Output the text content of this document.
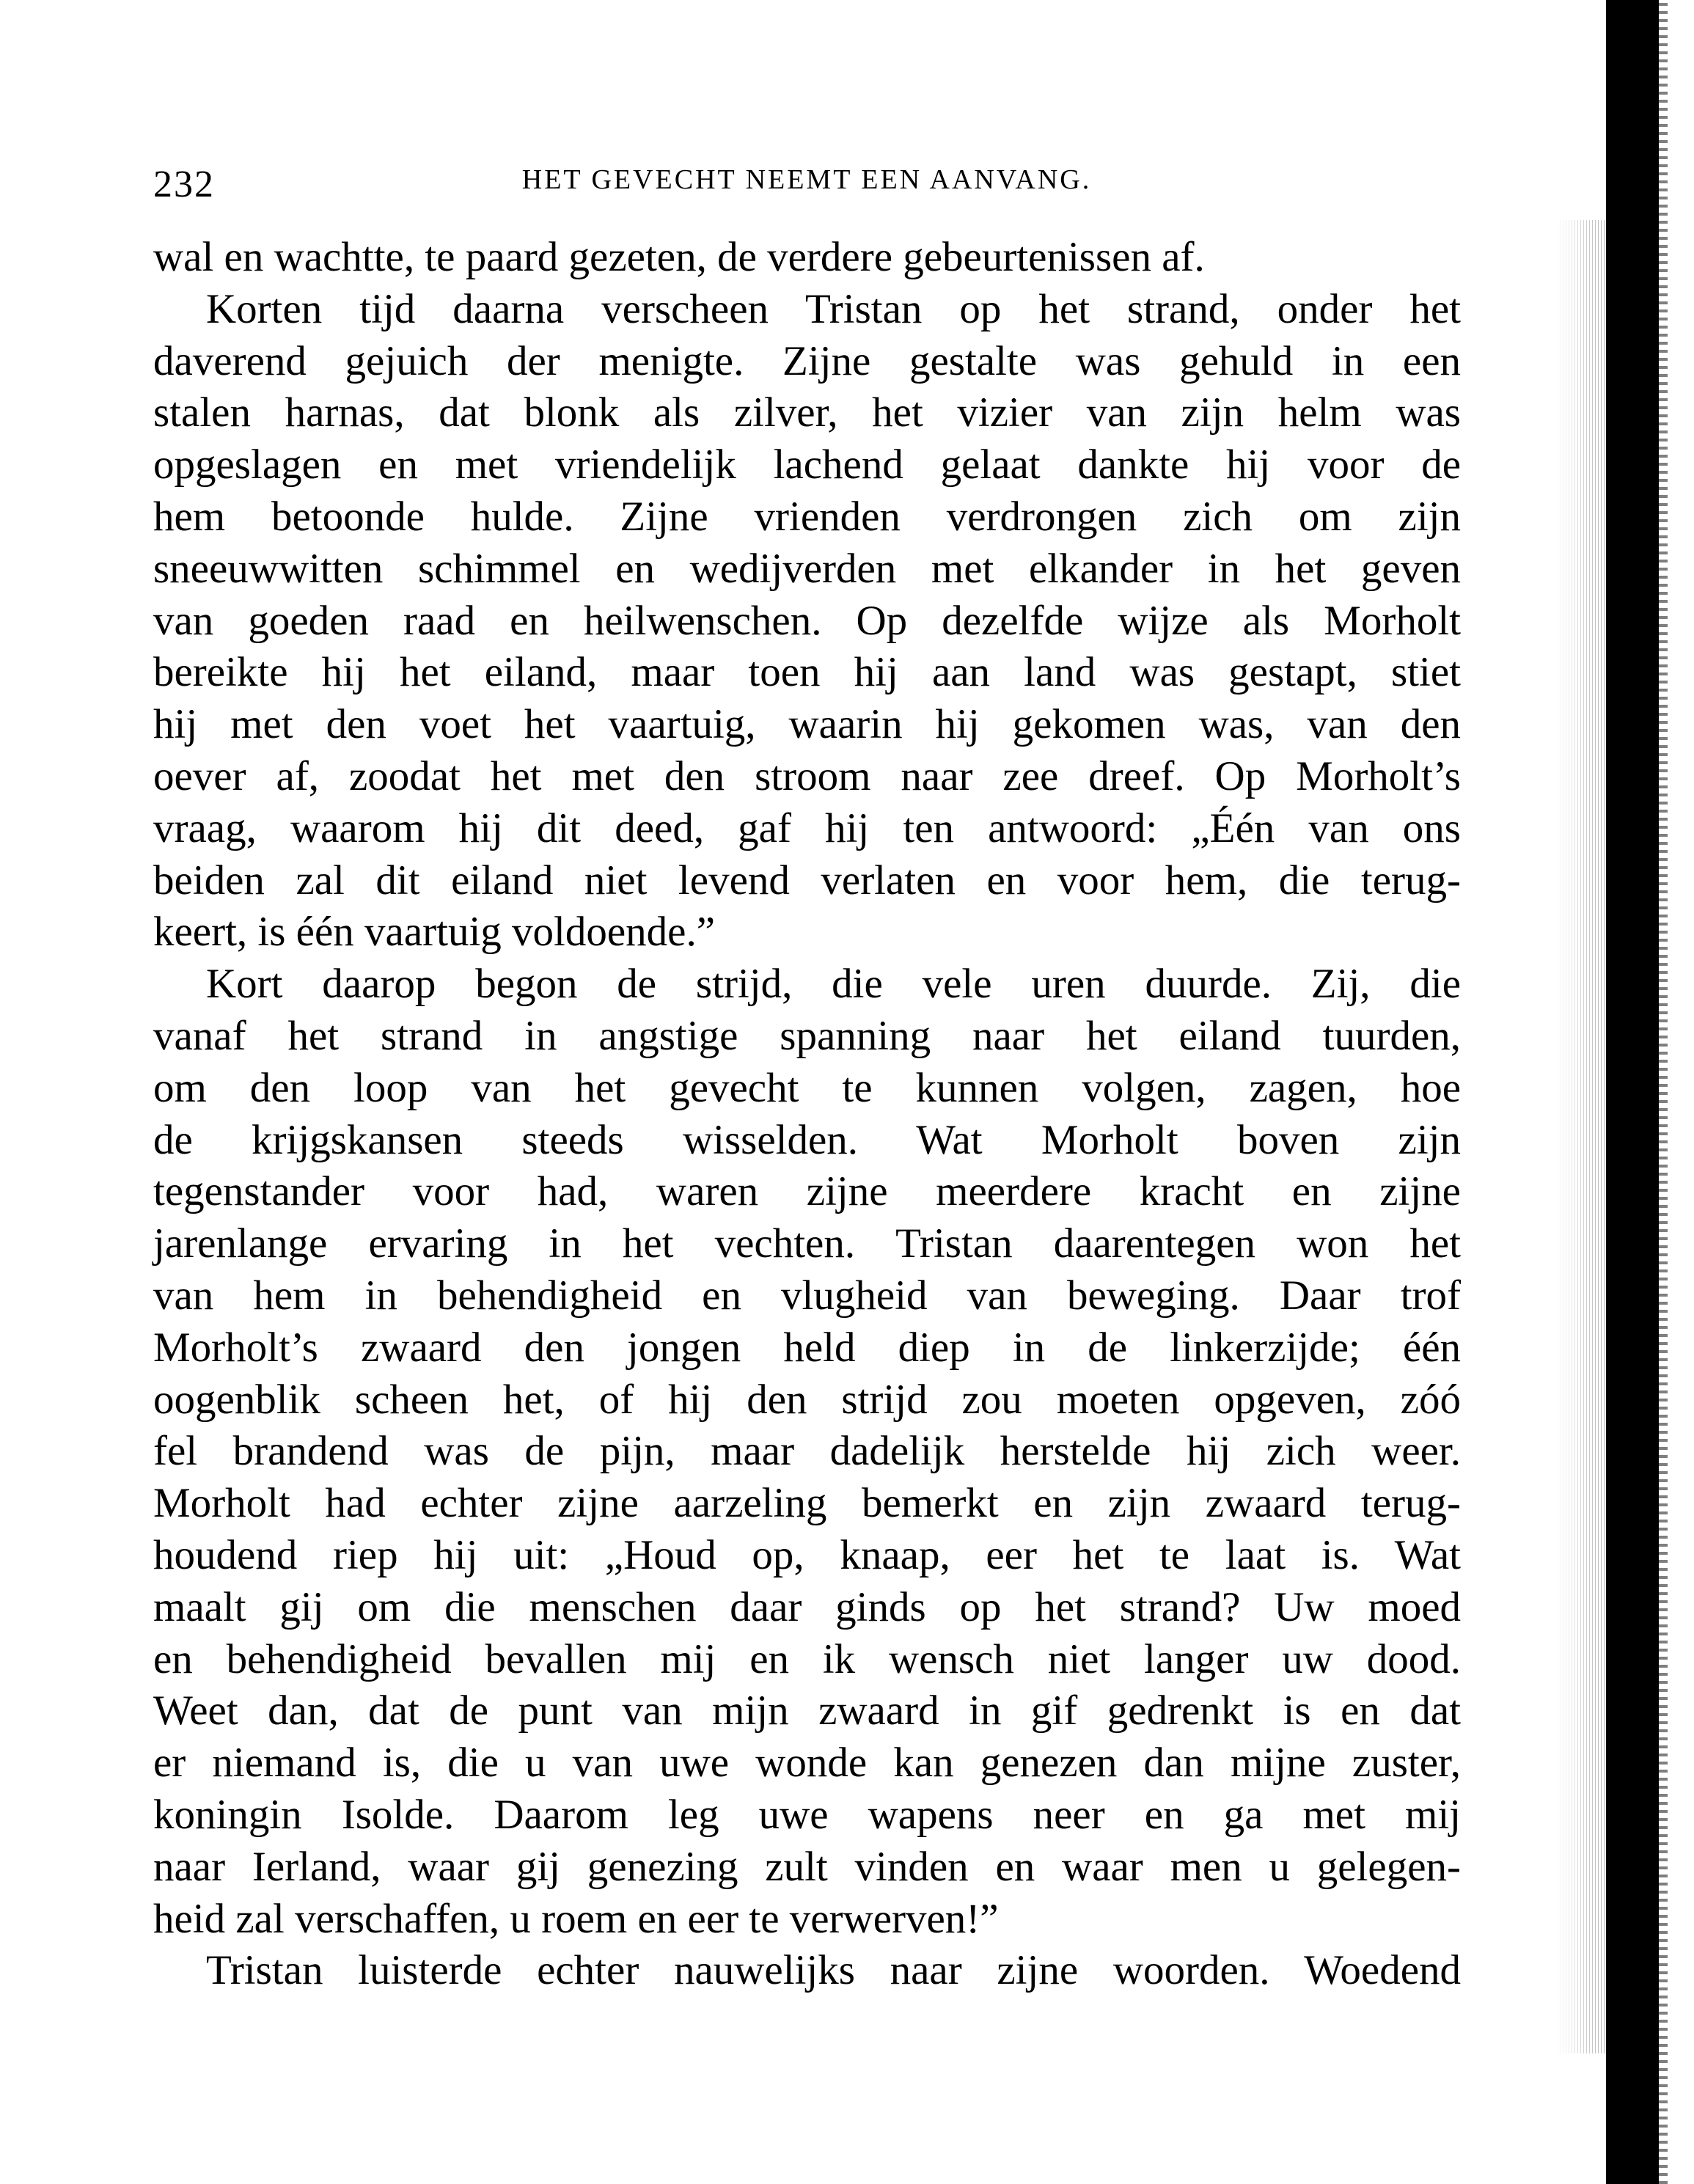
232	HET GEVECHT NEEMT EEN AANVANG.
wal en wachtte, te paard gezeten, de verdere gebeurtenissen af.
Korten tijd daarna verscheen Tristan op het strand, onder het
daverend gejuich der menigte. Zijne gestalte was gehuld in een
stalen harnas, dat blonk als zilver, het vizier van zijn helm was
opgeslagen en met vriendelijk lachend gelaat dankte hij voor de
hem betoonde hulde. Zijne vrienden verdrongen zich om zijn
sneeuwwitten schimmel en wedijverden met elkander in het geven
van goeden raad en heilwenschen. Op dezelfde wijze als Morholt
bereikte hij het eiland, maar toen hij aan land was gestapt, stiet
hij met den voet het vaartuig, waarin hij gekomen was, van den
oever af, zoodat het met den stroom naar zee dreef. Op Morholt’s
vraag, waarom hij dit deed, gaf hij ten antwoord: „Één van ons
beiden zal dit eiland niet levend verlaten en voor hem, die terug-
keert, is één vaartuig voldoende.”
Kort daarop begon de strijd, die vele uren duurde. Zij, die
vanaf het strand in angstige spanning naar het eiland tuurden,
om den loop van het gevecht te kunnen volgen, zagen, hoe
de krijgskansen steeds wisselden. Wat Morholt boven zijn
tegenstander voor had, waren zijne meerdere kracht en zijne
jarenlange ervaring in het vechten. Tristan daarentegen won het
van hem in behendigheid en vlugheid van beweging. Daar trof
Morholt’s zwaard den jongen held diep in de linkerzijde; één
oogenblik scheen het, of hij den strijd zou moeten opgeven, zóó
fel brandend was de pijn, maar dadelijk herstelde hij zich weer.
Morholt had echter zijne aarzeling bemerkt en zijn zwaard terug-
houdend riep hij uit: „Houd op, knaap, eer het te laat is. Wat
maalt gij om die menschen daar ginds op het strand? Uw moed
en behendigheid bevallen mij en ik wensch niet langer uw dood.
Weet dan, dat de punt van mijn zwaard in gif gedrenkt is en dat
er niemand is, die u van uwe wonde kan genezen dan mijne zuster,
koningin Isolde. Daarom leg uwe wapens neer en ga met mij
naar Ierland, waar gij genezing zult vinden en waar men u gelegen-
heid zal verschaffen, u roem en eer te verwerven!”
Tristan luisterde echter nauwelijks naar zijne woorden. Woedend
